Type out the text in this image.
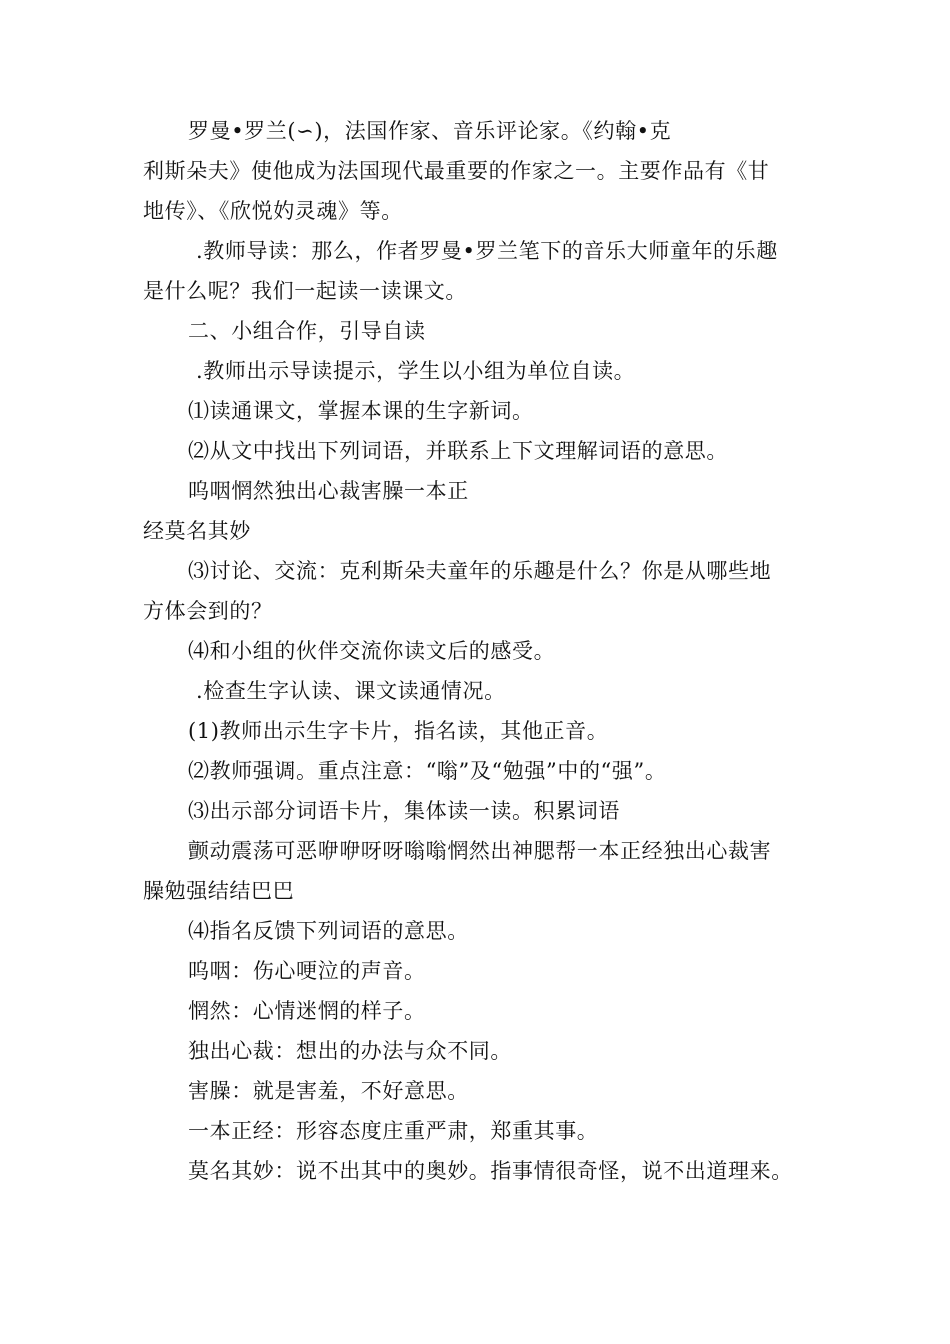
罗曼•罗兰(∽)，法国作家、音乐评论家。《约翰•克
利斯朵夫》使他成为法国现代最重要的作家之一。主要作品有《甘
地传》、《欣悦妁灵魂》等。
.教师导读：那么，作者罗曼•罗兰笔下的音乐大师童年的乐趣
是什么呢？我们一起读一读课文。
二、小组合作，引导自读
.教师出示导读提示，学生以小组为单位自读。
⑴读通课文，掌握本课的生字新词。
⑵从文中找出下列词语，并联系上下文理解词语的意思。
呜咽惘然独出心裁害臊一本正
经莫名其妙
⑶讨论、交流：克利斯朵夫童年的乐趣是什么？你是从哪些地
方体会到的？
⑷和小组的伙伴交流你读文后的感受。
.检查生字认读、课文读通情况。
(1)教师出示生字卡片，指名读，其他正音。
⑵教师强调。重点注意：“嗡”及“勉强”中的“强”。
⑶出示部分词语卡片，集体读一读。积累词语
颤动震荡可恶咿咿呀呀嗡嗡惘然出神腮帮一本正经独出心裁害
臊勉强结结巴巴
⑷指名反馈下列词语的意思。
呜咽：伤心哽泣的声音。
惘然：心情迷惘的样子。
独出心裁：想出的办法与众不同。
害臊：就是害羞，不好意思。
一本正经：形容态度庄重严肃，郑重其事。
莫名其妙：说不出其中的奥妙。指事情很奇怪，说不出道理来。
